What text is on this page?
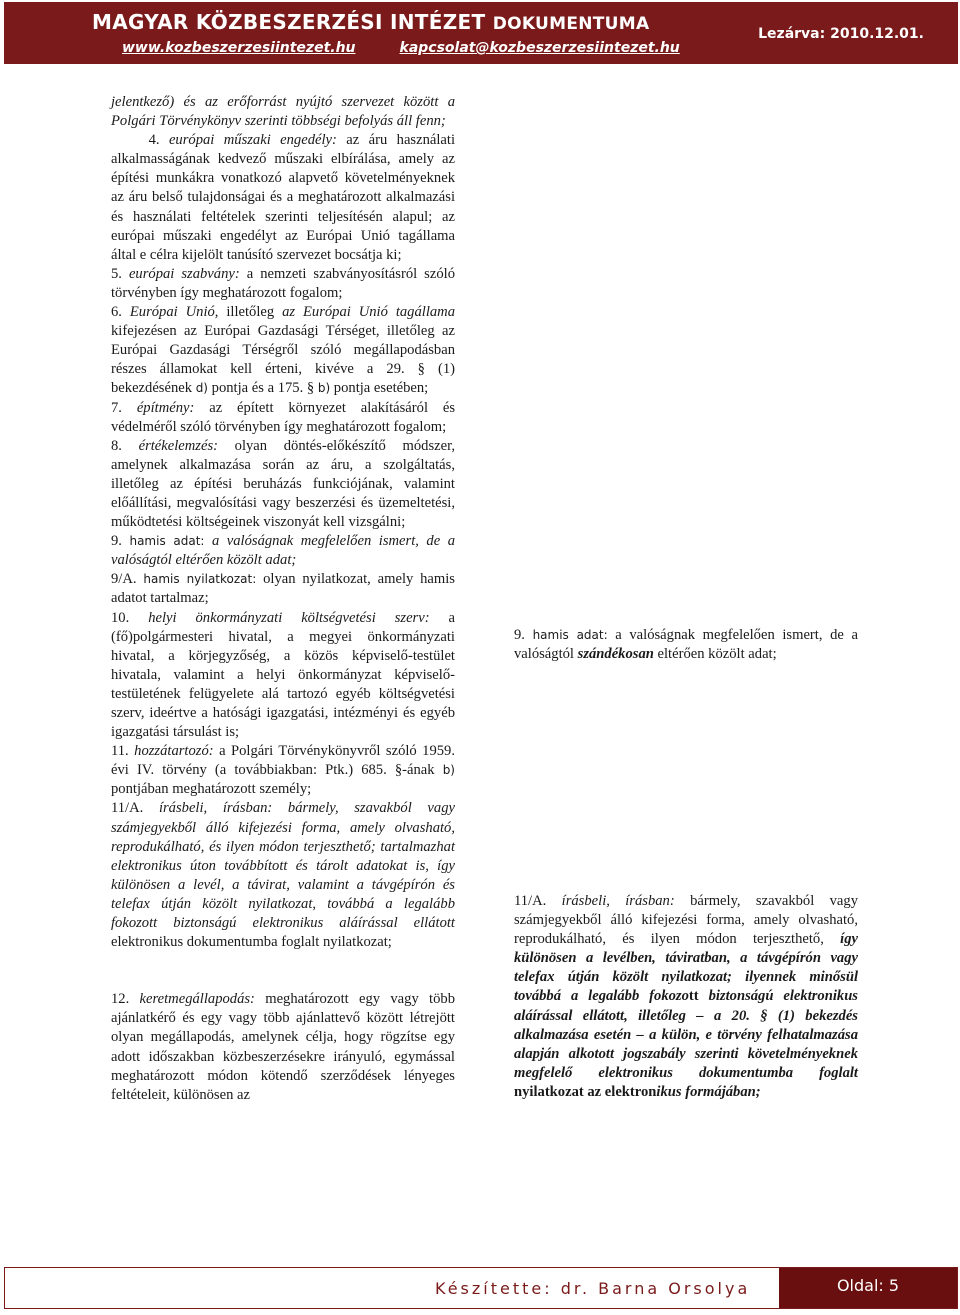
MAGYAR KÖZBESZERZÉSI INTÉZET DOKUMENTUMA
www.kozbeszerzesiintezet.hu	kapcsolat@kozbeszerzesiintezet.hu
Lezárva: 2010.12.01.

jelentkező) és az erőforrást nyújtó szervezet között a Polgári Törvénykönyv szerinti többségi befolyás áll fenn;

4. európai műszaki engedély: az áru használati alkalmasságának kedvező műszaki elbírálása, amely az építési munkákra vonatkozó alapvető követelményeknek az áru belső tulajdonságai és a meghatározott alkalmazási és használati feltételek szerinti teljesítésén alapul; az európai műszaki engedélyt az Európai Unió tagállama által e célra kijelölt tanúsító szervezet bocsátja ki;

5. európai szabvány: a nemzeti szabványosításról szóló törvényben így meghatározott fogalom;

6. Európai Unió, illetőleg az Európai Unió tagállama kifejezésen az Európai Gazdasági Térséget, illetőleg az Európai Gazdasági Térségről szóló megállapodásban részes államokat kell érteni, kivéve a 29. § (1) bekezdésének d) pontja és a 175. § b) pontja esetében;

7. építmény: az épített környezet alakításáról és védelméről szóló törvényben így meghatározott fogalom;

8. értékelemzés: olyan döntés-előkészítő módszer, amelynek alkalmazása során az áru, a szolgáltatás, illetőleg az építési beruházás funkciójának, valamint előállítási, megvalósítási vagy beszerzési és üzemeltetési, működtetési költségeinek viszonyát kell vizsgálni;

9. hamis adat: a valóságnak megfelelően ismert, de a valóságtól eltérően közölt adat;

9/A. hamis nyilatkozat: olyan nyilatkozat, amely hamis adatot tartalmaz;

10. helyi önkormányzati költségvetési szerv: a (fő)polgármesteri hivatal, a megyei önkormányzati hivatal, a körjegyzőség, a közös képviselő-testület hivatala, valamint a helyi önkormányzat képviselő-testületének felügyelete alá tartozó egyéb költségvetési szerv, ideértve a hatósági igazgatási, intézményi és egyéb igazgatási társulást is;

11. hozzátartozó: a Polgári Törvénykönyvről szóló 1959. évi IV. törvény (a továbbiakban: Ptk.) 685. §-ának b) pontjában meghatározott személy;

11/A. írásbeli, írásban: bármely, szavakból vagy számjegyekből álló kifejezési forma, amely olvasható, reprodukálható, és ilyen módon terjeszthető; tartalmazhat elektronikus úton továbbított és tárolt adatokat is, így különösen a levél, a távirat, valamint a távgépírón és telefax útján közölt nyilatkozat, továbbá a legalább fokozott biztonságú elektronikus aláírással ellátott elektronikus dokumentumba foglalt nyilatkozat;

12. keretmegállapodás: meghatározott egy vagy több ajánlatkérő és egy vagy több ajánlattevő között létrejött olyan megállapodás, amelynek célja, hogy rögzítse egy adott időszakban közbeszerzésekre irányuló, egymással meghatározott módon kötendő szerződések lényeges feltételeit, különösen az

9. hamis adat: a valóságnak megfelelően ismert, de a valóságtól szándékosan eltérően közölt adat;

11/A. írásbeli, írásban: bármely, szavakból vagy számjegyekből álló kifejezési forma, amely olvasható, reprodukálható, és ilyen módon terjeszthető, így különösen a levélben, táviratban, a távgépírón vagy telefax útján közölt nyilatkozat; ilyennek minősül továbbá a legalább fokozott biztonságú elektronikus aláírással ellátott, illetőleg – a 20. § (1) bekezdés alkalmazása esetén – a külön, e törvény felhatalmazása alapján alkotott jogszabály szerinti követelményeknek megfelelő elektronikus dokumentumba foglalt nyilatkozat az elektronikus formájában;

Készítette: dr. Barna Orsolya	Oldal: 5
